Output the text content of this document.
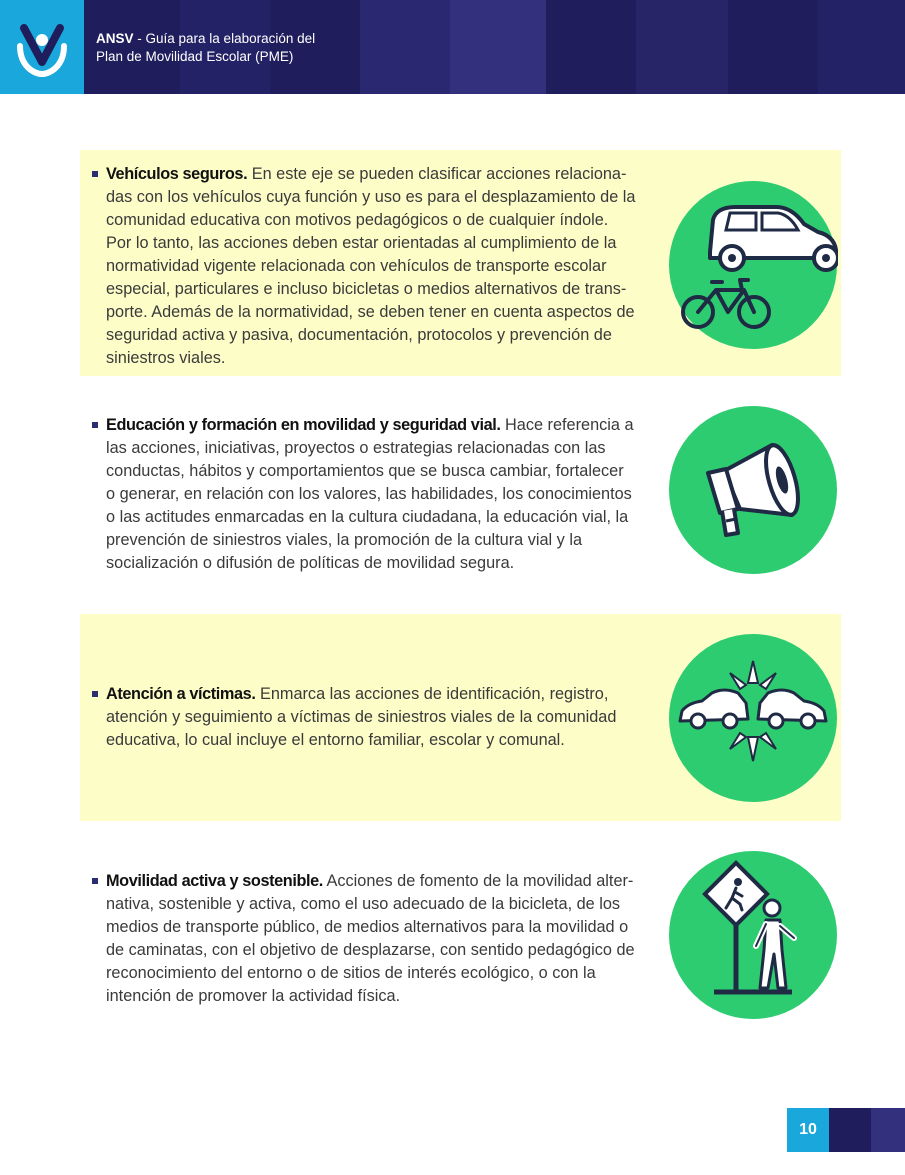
ANSV - Guía para la elaboración del
Plan de Movilidad Escolar (PME)
Vehículos seguros. En este eje se pueden clasificar acciones relaciona-das con los vehículos cuya función y uso es para el desplazamiento de la comunidad educativa con motivos pedagógicos o de cualquier índole. Por lo tanto, las acciones deben estar orientadas al cumplimiento de la normatividad vigente relacionada con vehículos de transporte escolar especial, particulares e incluso bicicletas o medios alternativos de trans-porte. Además de la normatividad, se deben tener en cuenta aspectos de seguridad activa y pasiva, documentación, protocolos y prevención de siniestros viales.
Educación y formación en movilidad y seguridad vial. Hace referencia a las acciones, iniciativas, proyectos o estrategias relacionadas con las conductas, hábitos y comportamientos que se busca cambiar, fortalecer o generar, en relación con los valores, las habilidades, los conocimientos o las actitudes enmarcadas en la cultura ciudadana, la educación vial, la prevención de siniestros viales, la promoción de la cultura vial y la socialización o difusión de políticas de movilidad segura.
Atención a víctimas. Enmarca las acciones de identificación, registro, atención y seguimiento a víctimas de siniestros viales de la comunidad educativa, lo cual incluye el entorno familiar, escolar y comunal.
Movilidad activa y sostenible. Acciones de fomento de la movilidad alter-nativa, sostenible y activa, como el uso adecuado de la bicicleta, de los medios de transporte público, de medios alternativos para la movilidad o de caminatas, con el objetivo de desplazarse, con sentido pedagógico de reconocimiento del entorno o de sitios de interés ecológico, o con la intención de promover la actividad física.
10
